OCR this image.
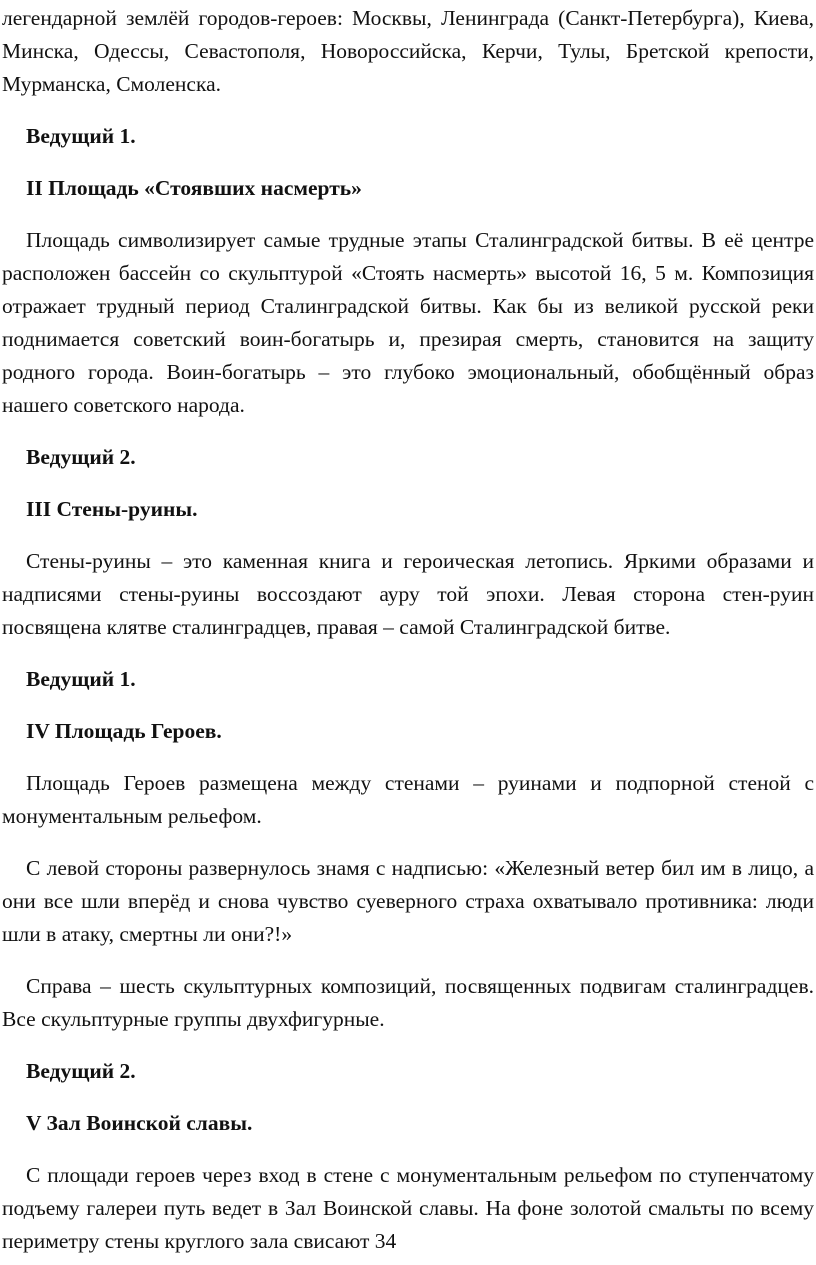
легендарной землёй городов-героев: Москвы, Ленинграда (Санкт-Петербурга), Киева, Минска, Одессы, Севастополя, Новороссийска, Керчи, Тулы, Бретской крепости, Мурманска, Смоленска.

Ведущий 1.

II Площадь «Стоявших насмерть»

Площадь символизирует самые трудные этапы Сталинградской битвы. В её центре расположен бассейн со скульптурой «Стоять насмерть» высотой 16, 5 м. Композиция отражает трудный период Сталинградской битвы. Как бы из великой русской реки поднимается советский воин-богатырь и, презирая смерть, становится на защиту родного города. Воин-богатырь – это глубоко эмоциональный, обобщённый образ нашего советского народа.

Ведущий 2.

III Стены-руины.

Стены-руины – это каменная книга и героическая летопись. Яркими образами и надписями стены-руины воссоздают ауру той эпохи. Левая сторона стен-руин посвящена клятве сталинградцев, правая – самой Сталинградской битве.

Ведущий 1.

IV Площадь Героев.

Площадь Героев размещена между стенами – руинами и подпорной стеной с монументальным рельефом.

С левой стороны развернулось знамя с надписью: «Железный ветер бил им в лицо, а они все шли вперёд и снова чувство суеверного страха охватывало противника: люди шли в атаку, смертны ли они?!»

Справа – шесть скульптурных композиций, посвященных подвигам сталинградцев. Все скульптурные группы двухфигурные.

Ведущий 2.

V Зал Воинской славы.

С площади героев через вход в стене с монументальным рельефом по ступенчатому подъему галереи путь ведет в Зал Воинской славы. На фоне золотой смальты по всему периметру стены круглого зала свисают 34
